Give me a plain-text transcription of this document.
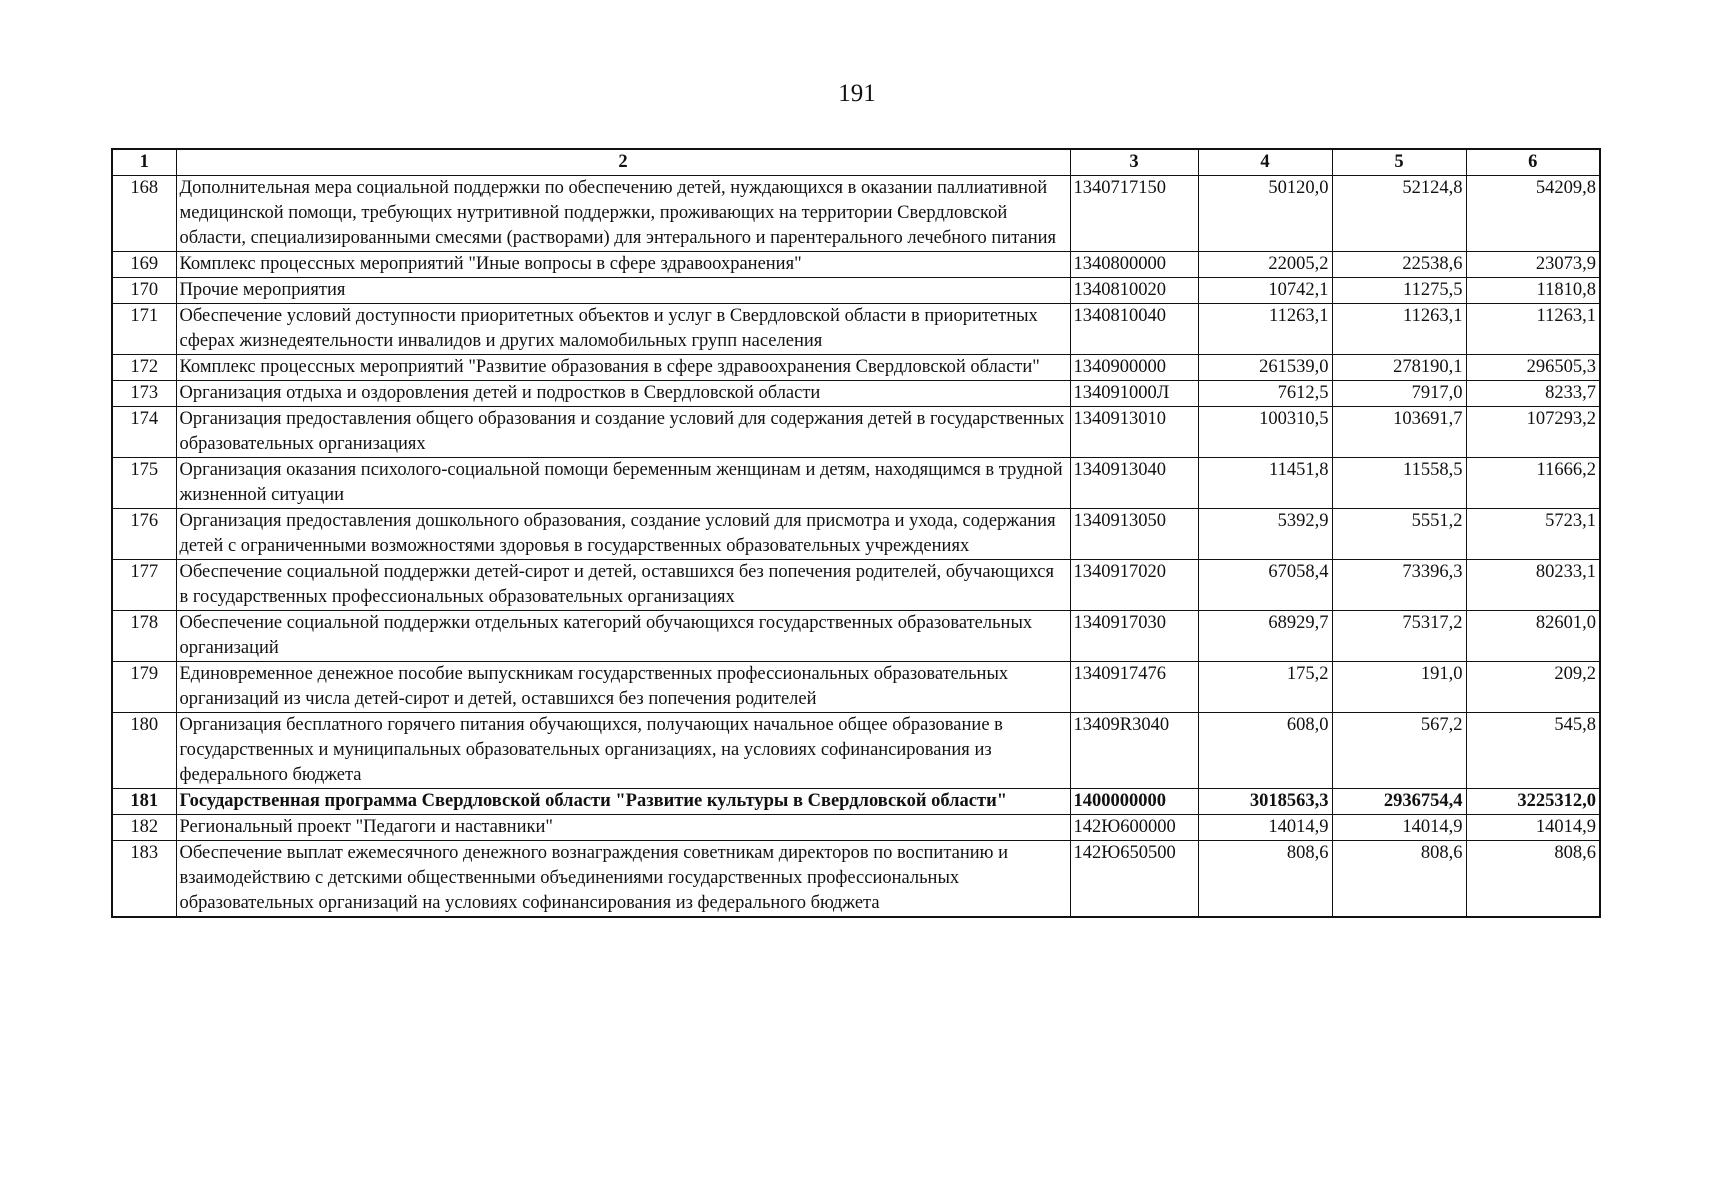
191
1	2	3	4	5	6
168	Дополнительная мера социальной поддержки по обеспечению детей, нуждающихся в оказании паллиативной медицинской помощи, требующих нутритивной поддержки, проживающих на территории Свердловской области, специализированными смесями (растворами) для энтерального и парентерального лечебного питания	1340717150	50120,0	52124,8	54209,8
169	Комплекс процессных мероприятий "Иные вопросы в сфере здравоохранения"	1340800000	22005,2	22538,6	23073,9
170	Прочие мероприятия	1340810020	10742,1	11275,5	11810,8
171	Обеспечение условий доступности приоритетных объектов и услуг в Свердловской области в приоритетных сферах жизнедеятельности инвалидов и других маломобильных групп населения	1340810040	11263,1	11263,1	11263,1
172	Комплекс процессных мероприятий "Развитие образования в сфере здравоохранения Свердловской области"	1340900000	261539,0	278190,1	296505,3
173	Организация отдыха и оздоровления детей и подростков в Свердловской области	134091000Л	7612,5	7917,0	8233,7
174	Организация предоставления общего образования и создание условий для содержания детей в государственных образовательных организациях	1340913010	100310,5	103691,7	107293,2
175	Организация оказания психолого-социальной помощи беременным женщинам и детям, находящимся в трудной жизненной ситуации	1340913040	11451,8	11558,5	11666,2
176	Организация предоставления дошкольного образования, создание условий для присмотра и ухода, содержания детей с ограниченными возможностями здоровья в государственных образовательных учреждениях	1340913050	5392,9	5551,2	5723,1
177	Обеспечение социальной поддержки детей-сирот и детей, оставшихся без попечения родителей, обучающихся в государственных профессиональных образовательных организациях	1340917020	67058,4	73396,3	80233,1
178	Обеспечение социальной поддержки отдельных категорий обучающихся государственных образовательных организаций	1340917030	68929,7	75317,2	82601,0
179	Единовременное денежное пособие выпускникам государственных профессиональных образовательных организаций из числа детей-сирот и детей, оставшихся без попечения родителей	1340917476	175,2	191,0	209,2
180	Организация бесплатного горячего питания обучающихся, получающих начальное общее образование в государственных и муниципальных образовательных организациях, на условиях софинансирования из федерального бюджета	13409R3040	608,0	567,2	545,8
181	Государственная программа Свердловской области "Развитие культуры в Свердловской области"	1400000000	3018563,3	2936754,4	3225312,0
182	Региональный проект "Педагоги и наставники"	142Ю600000	14014,9	14014,9	14014,9
183	Обеспечение выплат ежемесячного денежного вознаграждения советникам директоров по воспитанию и взаимодействию с детскими общественными объединениями государственных профессиональных образовательных организаций на условиях софинансирования из федерального бюджета	142Ю650500	808,6	808,6	808,6
